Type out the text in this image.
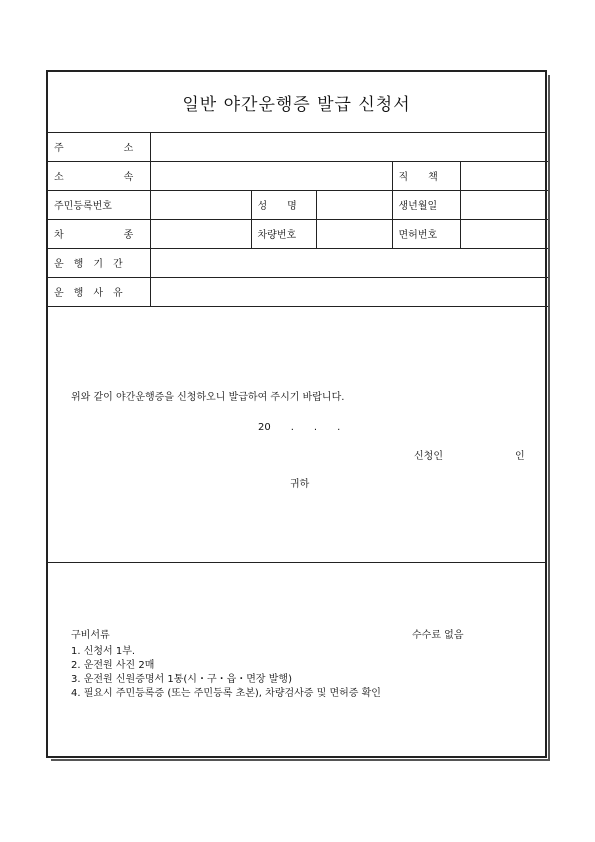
일반 야간운행증 발급 신청서
주　　　　　　소					
소　　　　　　속				직　　책	
주민등록번호		성　　명		생년월일	
차　　　　　　종		차량번호		면허번호	
운　행　기　간					
운　행　사　유					
위와 같이 야간운행증을 신청하오니 발급하여 주시기 바랍니다.
20　　.　　.　　.
신청인	인
귀하
구비서류	수수료 없음
1. 신청서 1부.
2. 운전원 사진 2매
3. 운전원 신원증명서 1통(시・구・읍・면장 발행)
4. 필요시 주민등록증 (또는 주민등록 초본), 차량검사증 및 면허증 확인
